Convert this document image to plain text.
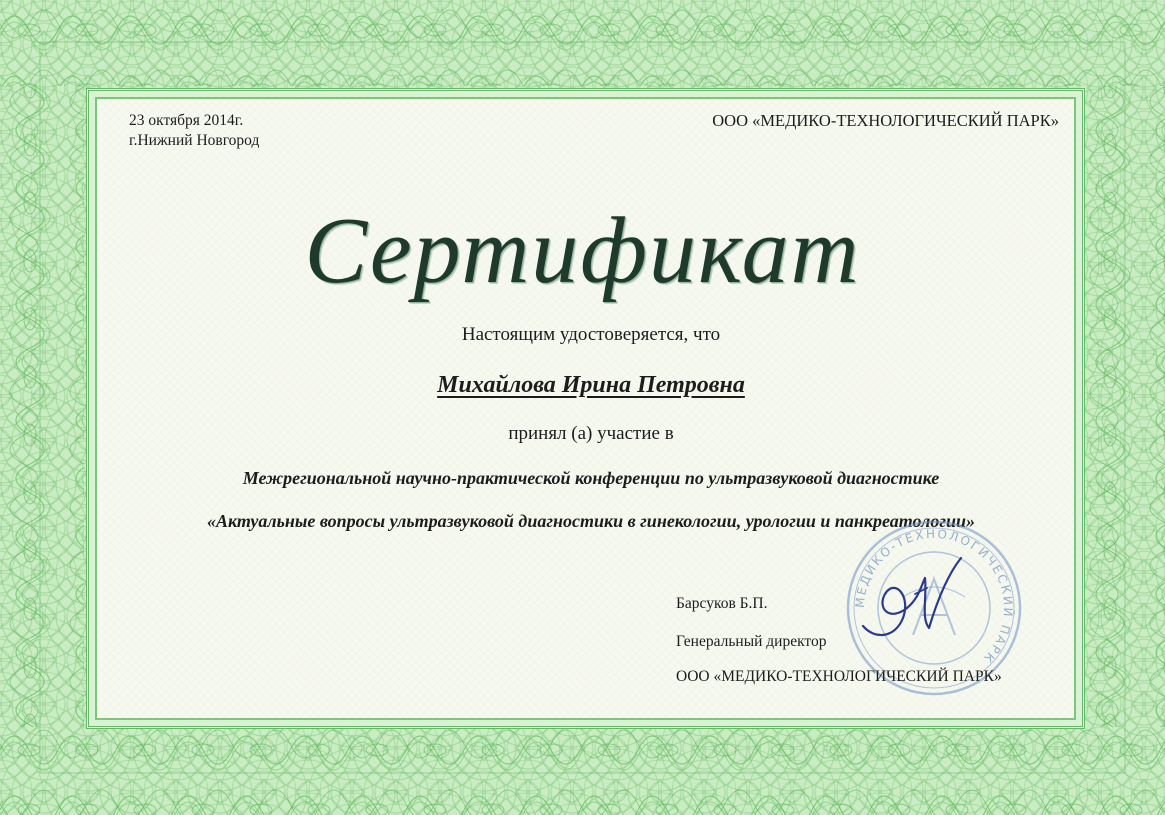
23 октября 2014г.
г.Нижний Новгород
ООО «МЕДИКО-ТЕХНОЛОГИЧЕСКИЙ ПАРК»
Сертификат
Настоящим удостоверяется, что
Михайлова Ирина Петровна
принял (а) участие в
Межрегиональной научно-практической конференции по ультразвуковой диагностике
«Актуальные вопросы ультразвуковой диагностики в гинекологии, урологии и панкреатологии»
МЕДИКО-ТЕХНОЛОГИЧЕСКИЙ ПАРК
Барсуков Б.П.
Генеральный директор
ООО «МЕДИКО-ТЕХНОЛОГИЧЕСКИЙ ПАРК»
